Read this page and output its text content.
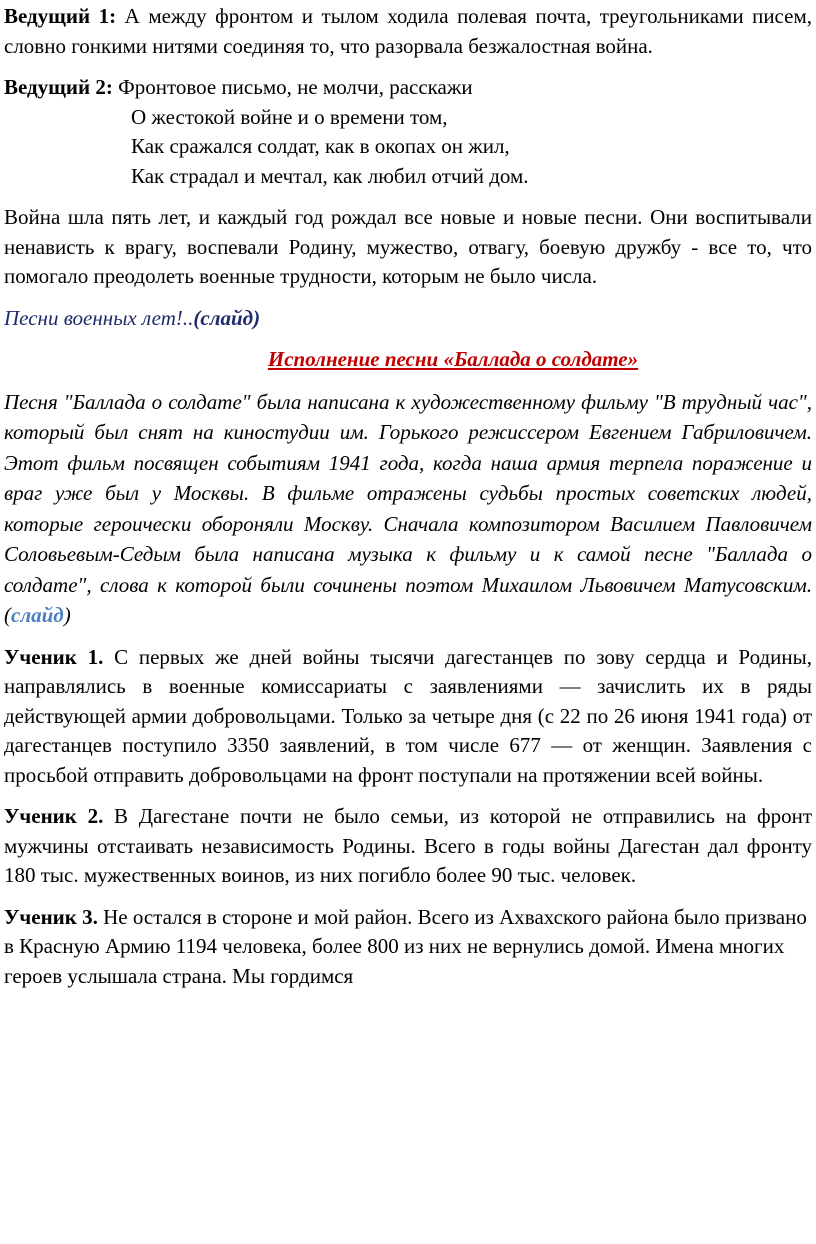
Ведущий 1: А между фронтом и тылом ходила полевая почта, треугольниками писем, словно гонкими нитями соединяя то, что разорвала безжалостная война.

Ведущий 2: Фронтовое письмо, не молчи, расскажи
О жестокой войне и о времени том,
Как сражался солдат, как в окопах он жил,
Как страдал и мечтал, как любил отчий дом.

Война шла пять лет, и каждый год рождал все новые и новые песни. Они воспитывали ненависть к врагу, воспевали Родину, мужество, отвагу, боевую дружбу - все то, что помогало преодолеть военные трудности, которым не было числа.

Песни военных лет!..(слайд)

Исполнение песни «Баллада о солдате»

Песня "Баллада о солдате" была написана к художественному фильму "В трудный час", который был снят на киностудии им. Горького режиссером Евгением Габриловичем. Этот фильм посвящен событиям 1941 года, когда наша армия терпела поражение и враг уже был у Москвы. В фильме отражены судьбы простых советских людей, которые героически обороняли Москву. Сначала композитором Василием Павловичем Соловьевым-Седым была написана музыка к фильму и к самой песне "Баллада о солдате", слова к которой были сочинены поэтом Михаилом Львовичем Матусовским.(слайд)

Ученик 1. С первых же дней войны тысячи дагестанцев по зову сердца и Родины, направлялись в военные комиссариаты с заявлениями — зачислить их в ряды действующей армии добровольцами. Только за четыре дня (с 22 по 26 июня 1941 года) от дагестанцев поступило 3350 заявлений, в том числе 677 — от женщин. Заявления с просьбой отправить добровольцами на фронт поступали на протяжении всей войны.

Ученик 2. В Дагестане почти не было семьи, из которой не отправились на фронт мужчины отстаивать независимость Родины. Всего в годы войны Дагестан дал фронту 180 тыс. мужественных воинов, из них погибло более 90 тыс. человек.

Ученик 3. Не остался в стороне и мой район. Всего из Ахвахского района было призвано в Красную Армию 1194 человека, более 800 из них не вернулись домой. Имена многих героев услышала страна. Мы гордимся
